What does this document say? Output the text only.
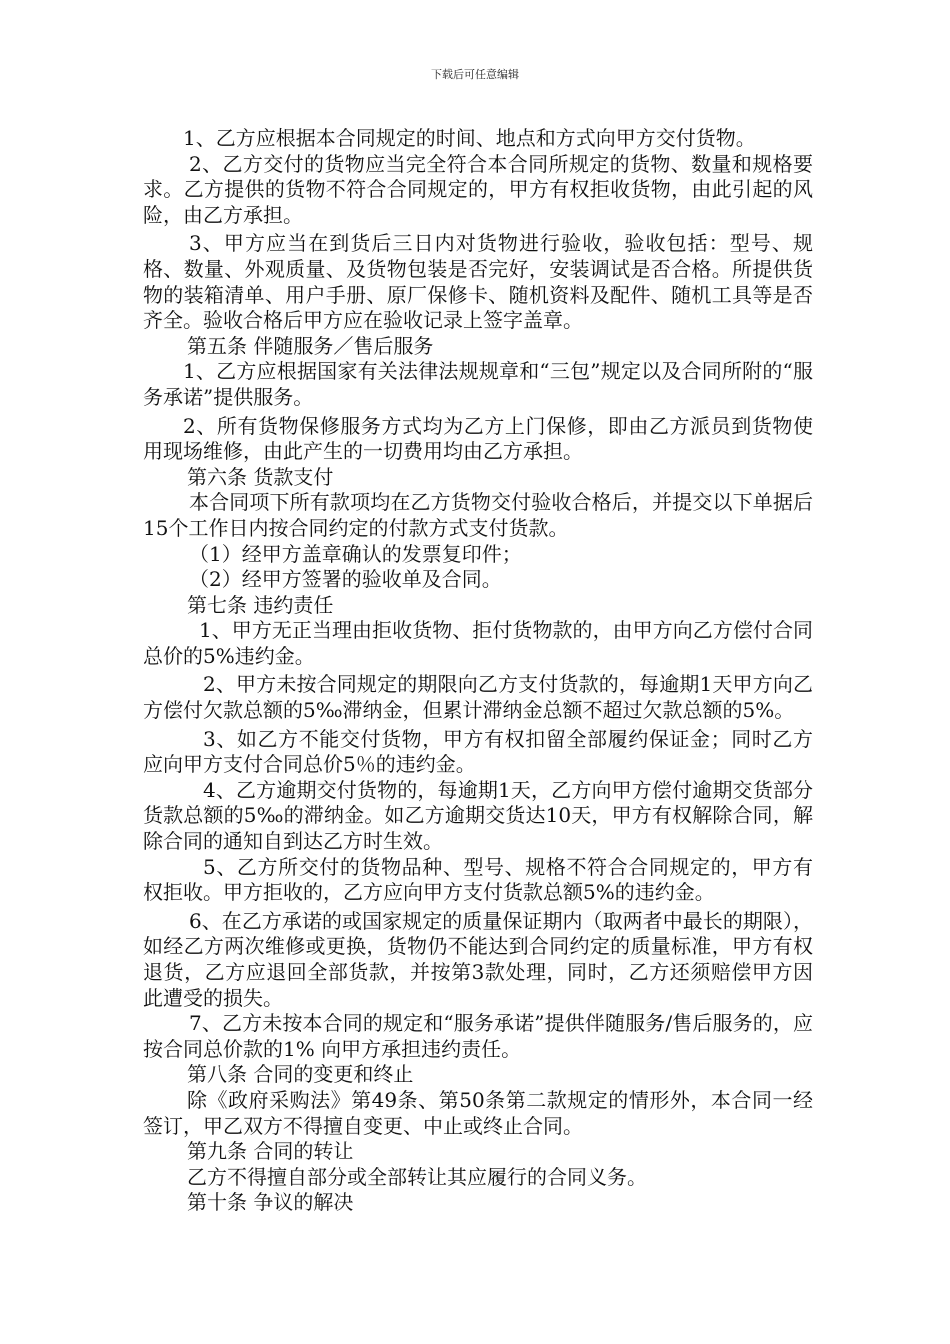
下载后可任意编辑

1、乙方应根据本合同规定的时间、地点和方式向甲方交付货物。

2、乙方交付的货物应当完全符合本合同所规定的货物、数量和规格要求。乙方提供的货物不符合合同规定的，甲方有权拒收货物，由此引起的风险，由乙方承担。

3、甲方应当在到货后三日内对货物进行验收，验收包括：型号、规格、数量、外观质量、及货物包装是否完好，安装调试是否合格。所提供货物的装箱清单、用户手册、原厂保修卡、随机资料及配件、随机工具等是否齐全。验收合格后甲方应在验收记录上签字盖章。

第五条 伴随服务／售后服务

1、乙方应根据国家有关法律法规规章和“三包”规定以及合同所附的“服务承诺”提供服务。

2、所有货物保修服务方式均为乙方上门保修，即由乙方派员到货物使用现场维修，由此产生的一切费用均由乙方承担。

第六条 货款支付

本合同项下所有款项均在乙方货物交付验收合格后，并提交以下单据后15个工作日内按合同约定的付款方式支付货款。

（1）经甲方盖章确认的发票复印件；

（2）经甲方签署的验收单及合同。

第七条 违约责任

1、甲方无正当理由拒收货物、拒付货物款的，由甲方向乙方偿付合同总价的5%违约金。

2、甲方未按合同规定的期限向乙方支付货款的，每逾期1天甲方向乙方偿付欠款总额的5‰滞纳金，但累计滞纳金总额不超过欠款总额的5%。

3、如乙方不能交付货物，甲方有权扣留全部履约保证金；同时乙方应向甲方支付合同总价5％的违约金。

4、乙方逾期交付货物的，每逾期1天，乙方向甲方偿付逾期交货部分货款总额的5‰的滞纳金。如乙方逾期交货达10天，甲方有权解除合同，解除合同的通知自到达乙方时生效。

5、乙方所交付的货物品种、型号、规格不符合合同规定的，甲方有权拒收。甲方拒收的，乙方应向甲方支付货款总额5%的违约金。

6、在乙方承诺的或国家规定的质量保证期内（取两者中最长的期限），如经乙方两次维修或更换，货物仍不能达到合同约定的质量标准，甲方有权退货，乙方应退回全部货款，并按第3款处理，同时，乙方还须赔偿甲方因此遭受的损失。

7、乙方未按本合同的规定和“服务承诺”提供伴随服务/售后服务的，应按合同总价款的1% 向甲方承担违约责任。

第八条 合同的变更和终止

除《政府采购法》第49条、第50条第二款规定的情形外，本合同一经签订，甲乙双方不得擅自变更、中止或终止合同。

第九条 合同的转让

乙方不得擅自部分或全部转让其应履行的合同义务。

第十条 争议的解决
